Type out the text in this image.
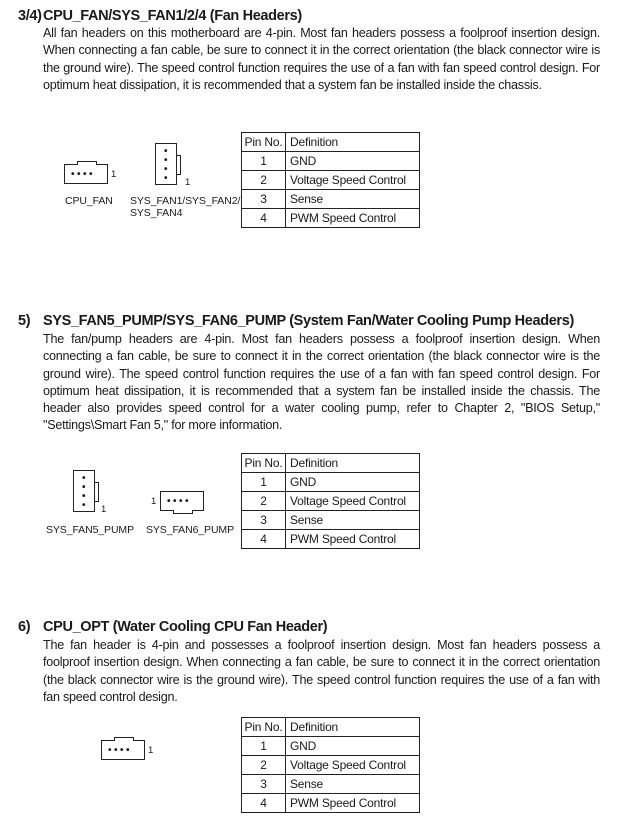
3/4) CPU_FAN/SYS_FAN1/2/4 (Fan Headers)
All fan headers on this motherboard are 4-pin. Most fan headers possess a foolproof insertion design. When connecting a fan cable, be sure to connect it in the correct orientation (the black connector wire is the ground wire). The speed control function requires the use of a fan with fan speed control design. For optimum heat dissipation, it is recommended that a system fan be installed inside the chassis.
•••• 1
CPU_FAN
•
•
•
• 1
SYS_FAN1/SYS_FAN2/
SYS_FAN4
Pin No.	Definition
1	GND
2	Voltage Speed Control
3	Sense
4	PWM Speed Control
5) SYS_FAN5_PUMP/SYS_FAN6_PUMP (System Fan/Water Cooling Pump Headers)
The fan/pump headers are 4-pin. Most fan headers possess a foolproof insertion design. When connecting a fan cable, be sure to connect it in the correct orientation (the black connector wire is the ground wire). The speed control function requires the use of a fan with fan speed control design. For optimum heat dissipation, it is recommended that a system fan be installed inside the chassis. The header also provides speed control for a water cooling pump, refer to Chapter 2, "BIOS Setup," "Settings\Smart Fan 5," for more information.
•
•
•
• 1
SYS_FAN5_PUMP
1 ••••
SYS_FAN6_PUMP
Pin No.	Definition
1	GND
2	Voltage Speed Control
3	Sense
4	PWM Speed Control
6) CPU_OPT (Water Cooling CPU Fan Header)
The fan header is 4-pin and possesses a foolproof insertion design. Most fan headers possess a foolproof insertion design. When connecting a fan cable, be sure to connect it in the correct orientation (the black connector wire is the ground wire). The speed control function requires the use of a fan with fan speed control design.
•••• 1
Pin No.	Definition
1	GND
2	Voltage Speed Control
3	Sense
4	PWM Speed Control
